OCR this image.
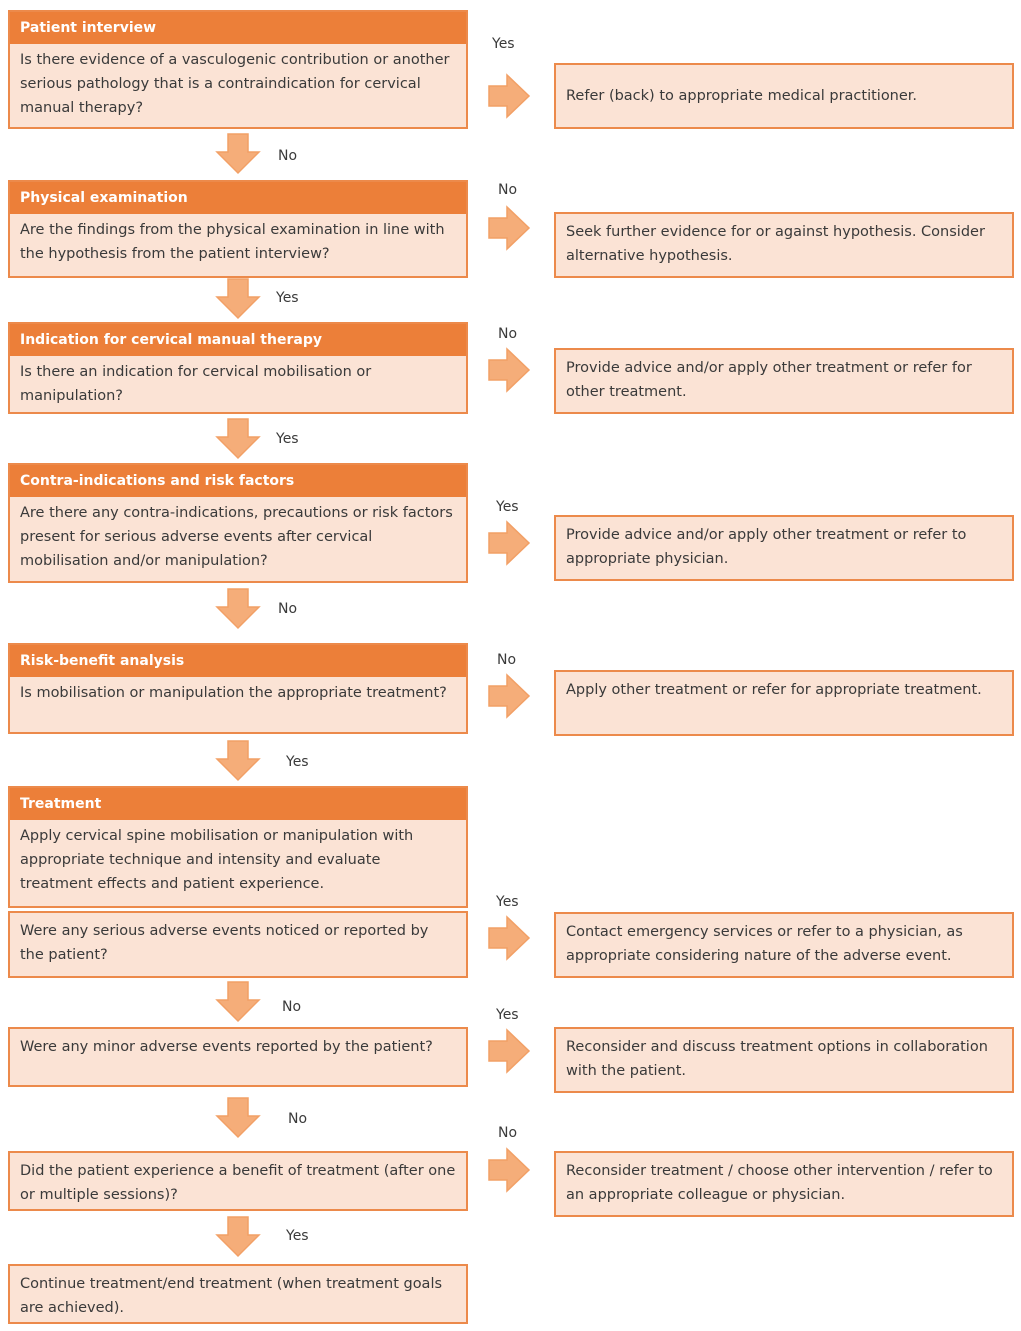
Patient interview
Is there evidence of a vasculogenic contribution or another serious pathology that is a contraindication for cervical manual therapy?
Physical examination
Are the findings from the physical examination in line with the hypothesis from the patient interview?
Indication for cervical manual therapy
Is there an indication for cervical mobilisation or manipulation?
Contra-indications and risk factors
Are there any contra-indications, precautions or risk factors present for serious adverse events after cervical mobilisation and/or manipulation?
Risk-benefit analysis
Is mobilisation or manipulation the appropriate treatment?
Treatment
Apply cervical spine mobilisation or manipulation with appropriate technique and intensity and evaluate treatment effects and patient experience.
Were any serious adverse events noticed or reported by the patient?
Were any minor adverse events reported by the patient?
Did the patient experience a benefit of treatment (after one or multiple sessions)?
Continue treatment/end treatment (when treatment goals are achieved).
Refer (back) to appropriate medical practitioner.
Seek further evidence for or against hypothesis. Consider alternative hypothesis.
Provide advice and/or apply other treatment or refer for other treatment.
Provide advice and/or apply other treatment or refer to appropriate physician.
Apply other treatment or refer for appropriate treatment.
Contact emergency services or refer to a physician, as appropriate considering nature of the adverse event.
Reconsider and discuss treatment options in collaboration with the patient.
Reconsider treatment / choose other intervention / refer to an appropriate colleague or physician.
No
Yes
Yes
No
Yes
No
No
Yes
Yes
No
No
Yes
No
Yes
Yes
No
